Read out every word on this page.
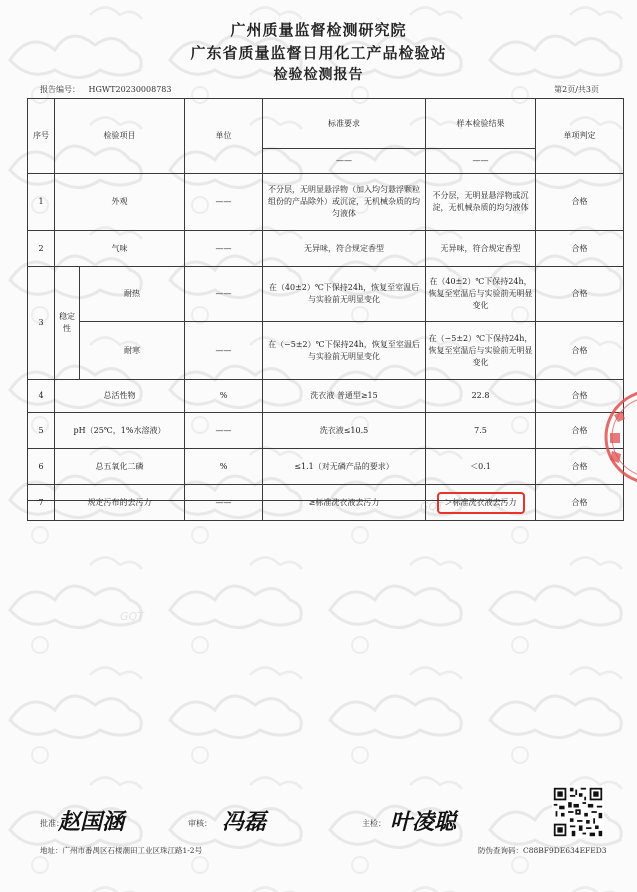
GQT
GQT
广州质量监督检测研究院
广东省质量监督日用化工产品检验站
检验检测报告
报告编号： HGWT20230008783	第2页/共3页
序号	检验项目		单位	标准要求	样本检验结果	单项判定
				——	——	
1	外观		——	不分层，无明显悬浮物（加入均匀悬浮颗粒组份的产品除外）或沉淀，无机械杂质的均匀液体	不分层，无明显悬浮物或沉淀，无机械杂质的均匀液体	合格
2	气味		——	无异味，符合规定香型	无异味，符合规定香型	合格
3	稳定性	耐热	——	在（40±2）℃下保持24h，恢复至室温后与实验前无明显变化	在（40±2）℃下保持24h，恢复至室温后与实验前无明显变化	合格
		耐寒	——	在（−5±2）℃下保持24h，恢复至室温后与实验前无明显变化	在（−5±2）℃下保持24h，恢复至室温后与实验前无明显变化	合格
4	总活性物		%	洗衣液 普通型≥15	22.8	合格
5	pH（25℃，1%水溶液）		——	洗衣液≤10.5	7.5	合格
6	总五氧化二磷		%	≤1.1（对无磷产品的要求）	＜0.1	合格
7	规定污布的去污力		——	≥标准洗衣液去污力	＞标准洗衣液去污力	合格
批准：
赵国涵	审核： 冯磊	主检： 叶凌聪
地址：广州市番禺区石楼潮田工业区珠江路1-2号	防伪查询码：C88BF9DE634EFED3
